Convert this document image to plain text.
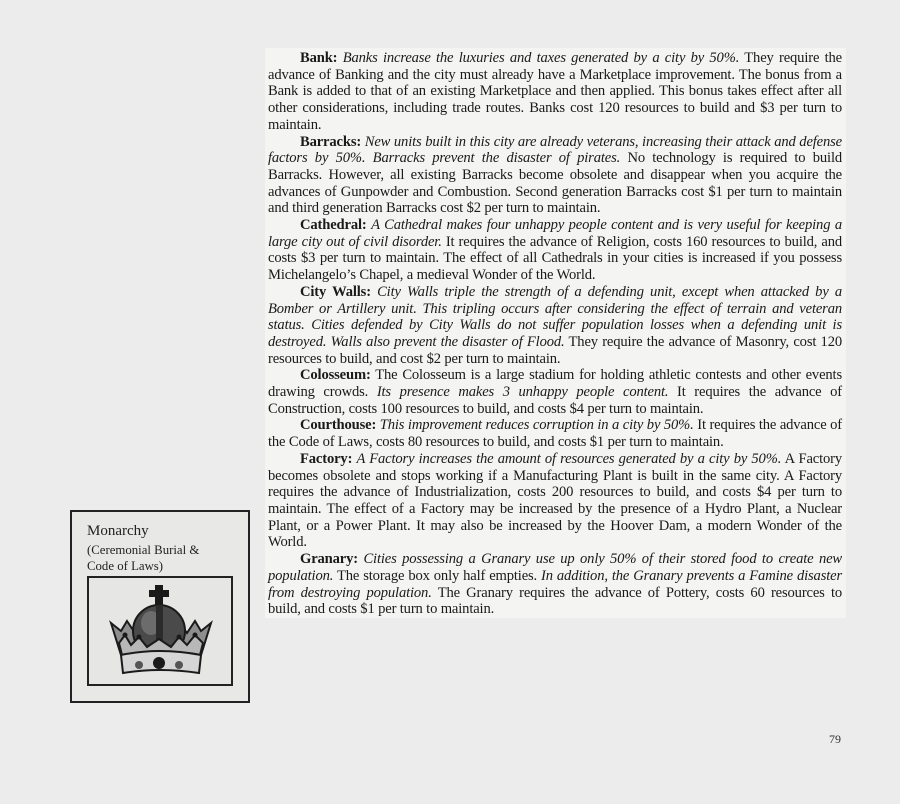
Bank: Banks increase the luxuries and taxes generated by a city by 50%. They require the advance of Banking and the city must already have a Marketplace improvement. The bonus from a Bank is added to that of an existing Marketplace and then applied. This bonus takes effect after all other considerations, including trade routes. Banks cost 120 resources to build and $3 per turn to maintain.

Barracks: New units built in this city are already veterans, increasing their attack and defense factors by 50%. Barracks prevent the disaster of pirates. No technology is required to build Barracks. However, all existing Barracks become obsolete and disappear when you acquire the advances of Gunpowder and Combustion. Second generation Barracks cost $1 per turn to maintain and third generation Barracks cost $2 per turn to maintain.

Cathedral: A Cathedral makes four unhappy people content and is very useful for keeping a large city out of civil disorder. It requires the advance of Religion, costs 160 resources to build, and costs $3 per turn to maintain. The effect of all Cathedrals in your cities is increased if you possess Michelangelo’s Chapel, a medieval Wonder of the World.

City Walls: City Walls triple the strength of a defending unit, except when attacked by a Bomber or Artillery unit. This tripling occurs after considering the effect of terrain and veteran status. Cities defended by City Walls do not suffer population losses when a defending unit is destroyed. Walls also prevent the disaster of Flood. They require the advance of Masonry, cost 120 resources to build, and cost $2 per turn to maintain.

Colosseum: The Colosseum is a large stadium for holding athletic contests and other events drawing crowds. Its presence makes 3 unhappy people content. It requires the advance of Construction, costs 100 resources to build, and costs $4 per turn to maintain.

Courthouse: This improvement reduces corruption in a city by 50%. It requires the advance of the Code of Laws, costs 80 resources to build, and costs $1 per turn to maintain.

Factory: A Factory increases the amount of resources generated by a city by 50%. A Factory becomes obsolete and stops working if a Manufacturing Plant is built in the same city. A Factory requires the advance of Industrialization, costs 200 resources to build, and costs $4 per turn to maintain. The effect of a Factory may be increased by the presence of a Hydro Plant, a Nuclear Plant, or a Power Plant. It may also be increased by the Hoover Dam, a modern Wonder of the World.

Granary: Cities possessing a Granary use up only 50% of their stored food to create new population. The storage box only half empties. In addition, the Granary prevents a Famine disaster from destroying population. The Granary requires the advance of Pottery, costs 60 resources to build, and costs $1 per turn to maintain.

Monarchy
(Ceremonial Burial &
Code of Laws)
79
